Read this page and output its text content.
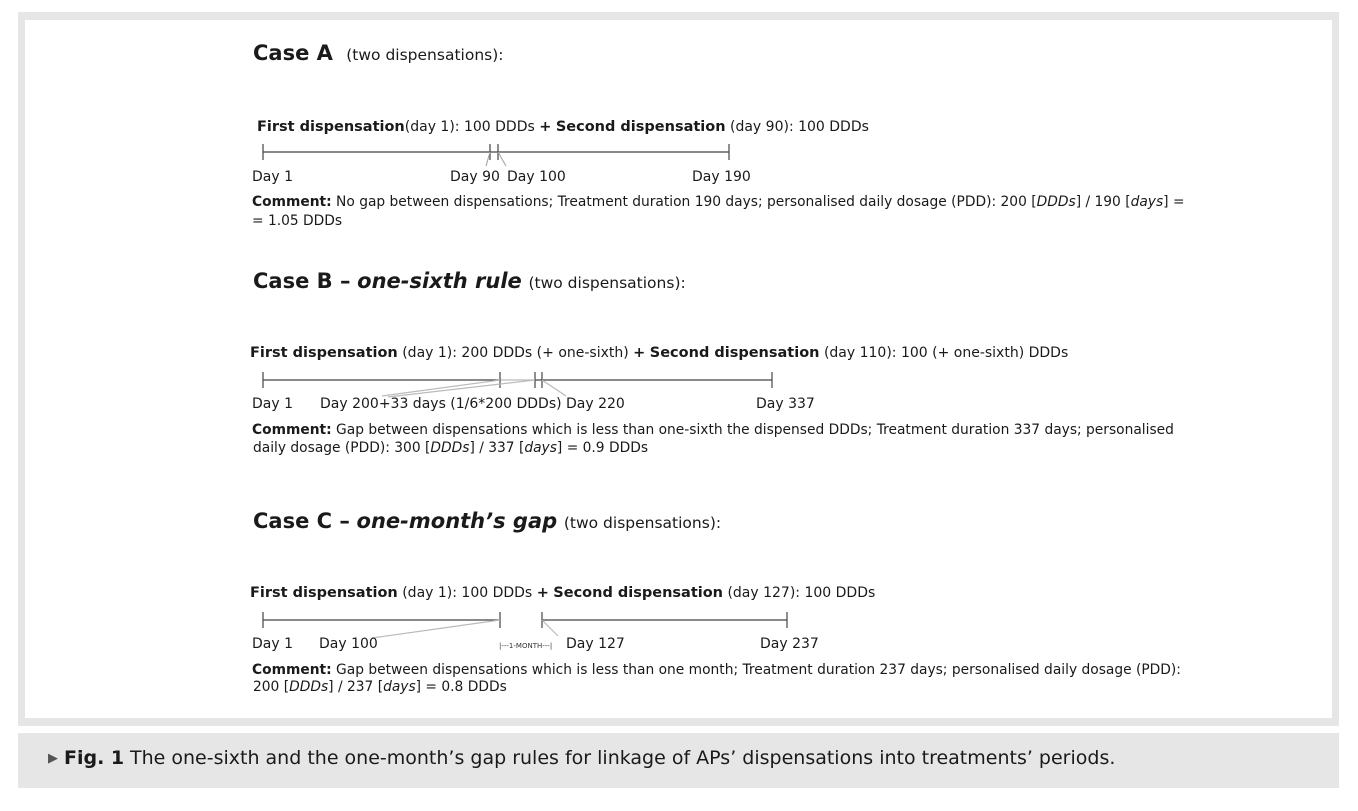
Case A (two dispensations):
First dispensation(day 1): 100 DDDs + Second dispensation (day 90): 100 DDDs
Day 1	Day 90 Day 100	Day 190
Comment: No gap between dispensations; Treatment duration 190 days; personalised daily dosage (PDD): 200 [DDDs] / 190 [days] =
= 1.05 DDDs
Case B – one-sixth rule (two dispensations):
First dispensation (day 1): 200 DDDs (+ one-sixth) + Second dispensation (day 110): 100 (+ one-sixth) DDDs
Day 1 Day 200+33 days (1/6*200 DDDs) Day 220	Day 337
Comment: Gap between dispensations which is less than one-sixth the dispensed DDDs; Treatment duration 337 days; personalised
daily dosage (PDD): 300 [DDDs] / 337 [days] = 0.9 DDDs
Case C – one-month’s gap (two dispensations):
First dispensation (day 1): 100 DDDs + Second dispensation (day 127): 100 DDDs
Day 1 Day 100	|---1-MONTH---| Day 127	Day 237
Comment: Gap between dispensations which is less than one month; Treatment duration 237 days; personalised daily dosage (PDD):
200 [DDDs] / 237 [days] = 0.8 DDDs
▶ Fig. 1 The one-sixth and the one-month’s gap rules for linkage of APs’ dispensations into treatments’ periods.
